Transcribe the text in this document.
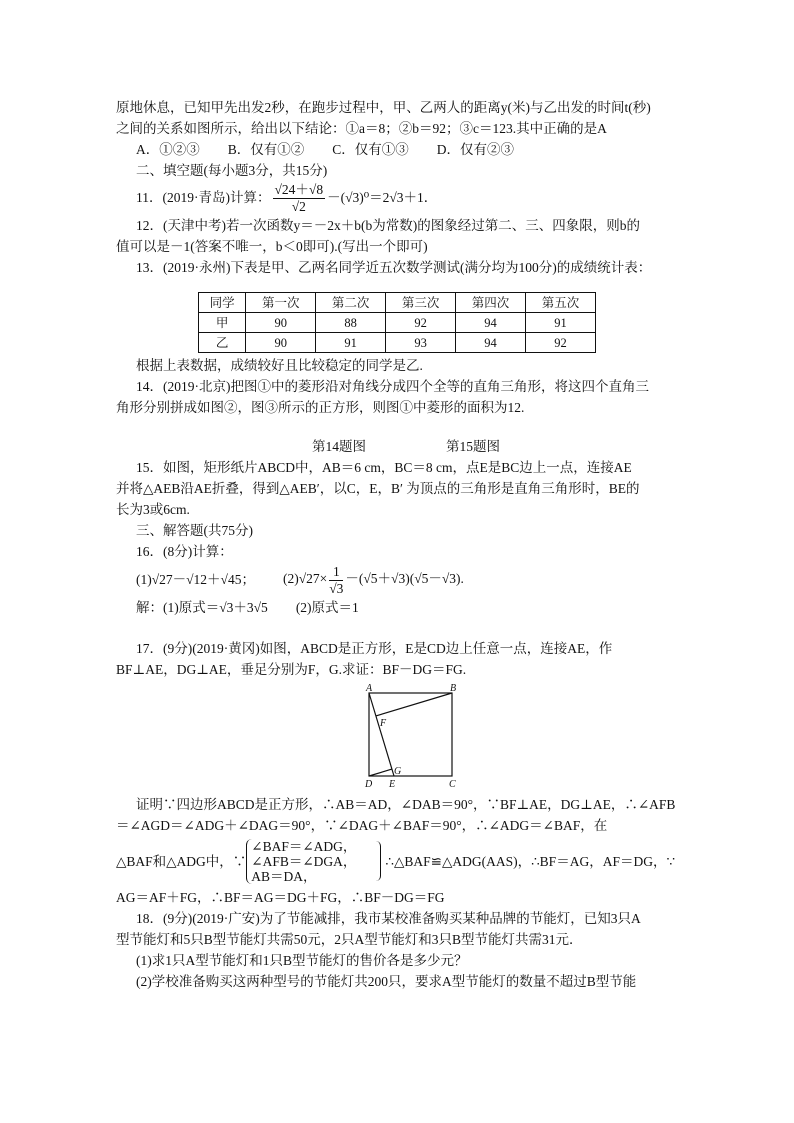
原地休息，已知甲先出发2秒，在跑步过程中，甲、乙两人的距离y(米)与乙出发的时间t(秒)
之间的关系如图所示，给出以下结论：①a＝8；②b＝92；③c＝123.其中正确的是A
A．①②③ B．仅有①② C．仅有①③ D．仅有②③
二、填空题(每小题3分，共15分)
11．(2019·青岛)计算： $\frac{√24+√8}{√2} -(√3)^0=2√3+1$．
12．(天津中考)若一次函数y＝－2x＋b(b为常数)的图象经过第二、三、四象限，则b的
值可以是－1(答案不唯一，b＜0即可).(写出一个即可)
13．(2019·永州)下表是甲、乙两名同学近五次数学测试(满分均为100分)的成绩统计表：
同学	第一次	第二次	第三次	第四次	第五次
甲	90	88	92	94	91
乙	90	91	93	94	92
根据上表数据，成绩较好且比较稳定的同学是乙.
14．(2019·北京)把图①中的菱形沿对角线分成四个全等的直角三角形，将这四个直角三
角形分别拼成如图②，图③所示的正方形，则图①中菱形的面积为12.
第14题图	第15题图
15．如图，矩形纸片ABCD中，AB＝6 cm，BC＝8 cm，点E是BC边上一点，连接AE
并将△AEB沿AE折叠，得到△AEB′，以C，E，B′ 为顶点的三角形是直角三角形时，BE的
长为3或6cm.
三、解答题(共75分)
16．(8分)计算：
(1)√27－√12＋√45； $(2)√27\times \frac{1}{√3} -(√5+√3)(√5-√3)$.
解：(1)原式＝√3＋3√5 (2)原式＝1
17．(9分)(2019·黄冈)如图，ABCD是正方形，E是CD边上任意一点，连接AE，作
BF⊥AE，DG⊥AE，垂足分别为F，G.求证：BF－DG＝FG.
A	B
C
D E
F
G
证明∵四边形ABCD是正方形，∴AB＝AD，∠DAB＝90°，∵BF⊥AE，DG⊥AE，∴∠AFB
＝∠AGD＝∠ADG＋∠DAG＝90°，∵∠DAG＋∠BAF＝90°，∴∠ADG＝∠BAF，在
△BAF和△ADG中，∵
∠BAF＝∠ADG，
∠AFB＝∠DGA，
AB＝DA，
∴△BAF≌△ADG(AAS)，∴BF＝AG，AF＝DG，∵
AG＝AF＋FG，∴BF＝AG＝DG＋FG，∴BF－DG＝FG
18．(9分)(2019·广安)为了节能减排，我市某校准备购买某种品牌的节能灯，已知3只A
型节能灯和5只B型节能灯共需50元，2只A型节能灯和3只B型节能灯共需31元．
(1)求1只A型节能灯和1只B型节能灯的售价各是多少元？
(2)学校准备购买这两种型号的节能灯共200只，要求A型节能灯的数量不超过B型节能
